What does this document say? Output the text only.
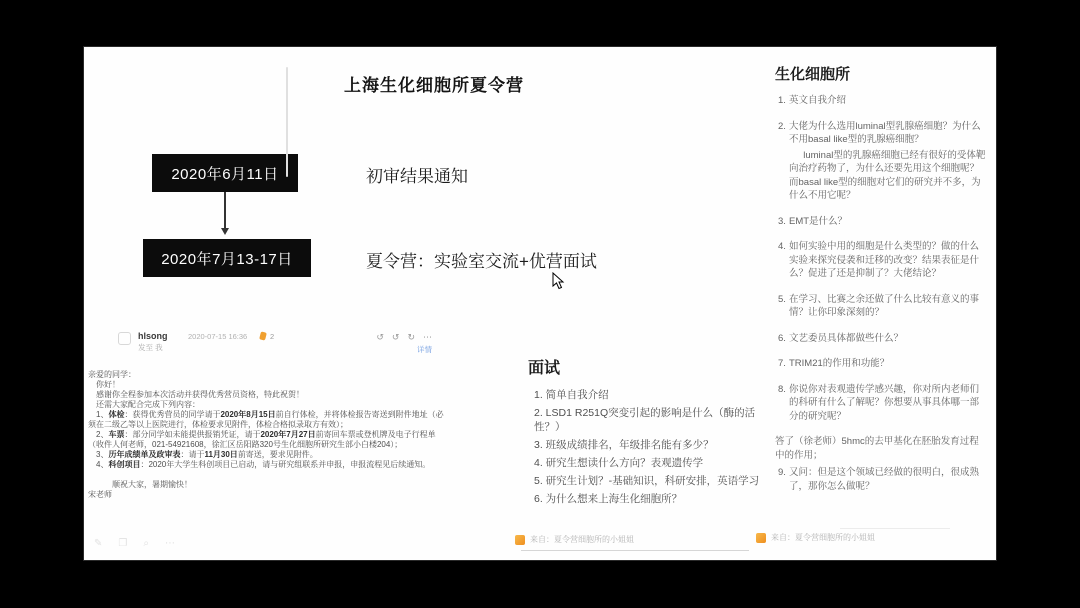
上海生化细胞所夏令营
2020年6月11日
2020年7月13-17日
初审结果通知
夏令营：实验室交流+优营面试
hlsong	2020-07-15 16:36	2
发至 我
↺ ↺ ↻ ⋯
详情
亲爱的同学：
你好！
感谢你全程参加本次活动并获得优秀营员资格，特此祝贺！
还需大家配合完成下列内容：
1、体检：获得优秀营员的同学请于2020年8月15日前自行体检，并将体检报告寄送到附件地址（必须在二级乙等以上医院进行，体检要求见附件，体检合格拟录取方有效）；
2、车票：部分同学如未能提供报销凭证，请于2020年7月27日前寄回车票或登机牌及电子行程单（收件人何老师，021-54921608，徐汇区岳阳路320号生化细胞所研究生部小白楼204）；
3、历年成绩单及政审表：请于11月30日前寄送，要求见附件。
4、科创项目：2020年大学生科创项目已启动，请与研究组联系并申报，申报流程见后续通知。
顺祝大家，暑期愉快！
宋老师
✎ ❐ ⌕ ⋯
面试
1. 简单自我介绍
2. LSD1 R251Q突变引起的影响是什么（酶的活性？）
3. 班级成绩排名，年级排名能有多少？
4. 研究生想读什么方向？表观遗传学
5. 研究生计划？-基础知识，科研安排，英语学习
6. 为什么想来上海生化细胞所？
生化细胞所
1. 英文自我介绍
2. 大佬为什么选用luminal型乳腺癌细胞？为什么不用basal like型的乳腺癌细胞？
luminal型的乳腺癌细胞已经有很好的受体靶向治疗药物了，为什么还要先用这个细胞呢？而basal like型的细胞对它们的研究并不多，为什么不用它呢？
3. EMT是什么？
4. 如何实验中用的细胞是什么类型的？做的什么实验来探究侵袭和迁移的改变？结果表征是什么？促进了还是抑制了？大佬结论？
5. 在学习、比赛之余还做了什么比较有意义的事情？让你印象深刻的？
6. 文艺委员具体都做些什么？
7. TRIM21的作用和功能？
8. 你说你对表观遗传学感兴趣，你对所内老师们的科研有什么了解呢？你想要从事具体哪一部分的研究呢？
答了（徐老师）5hmc的去甲基化在胚胎发育过程中的作用；
9. 又问：但是这个领域已经做的很明白，很成熟了，那你怎么做呢？
来自：夏令营细胞所的小姐姐	来自：夏令营细胞所的小姐姐
